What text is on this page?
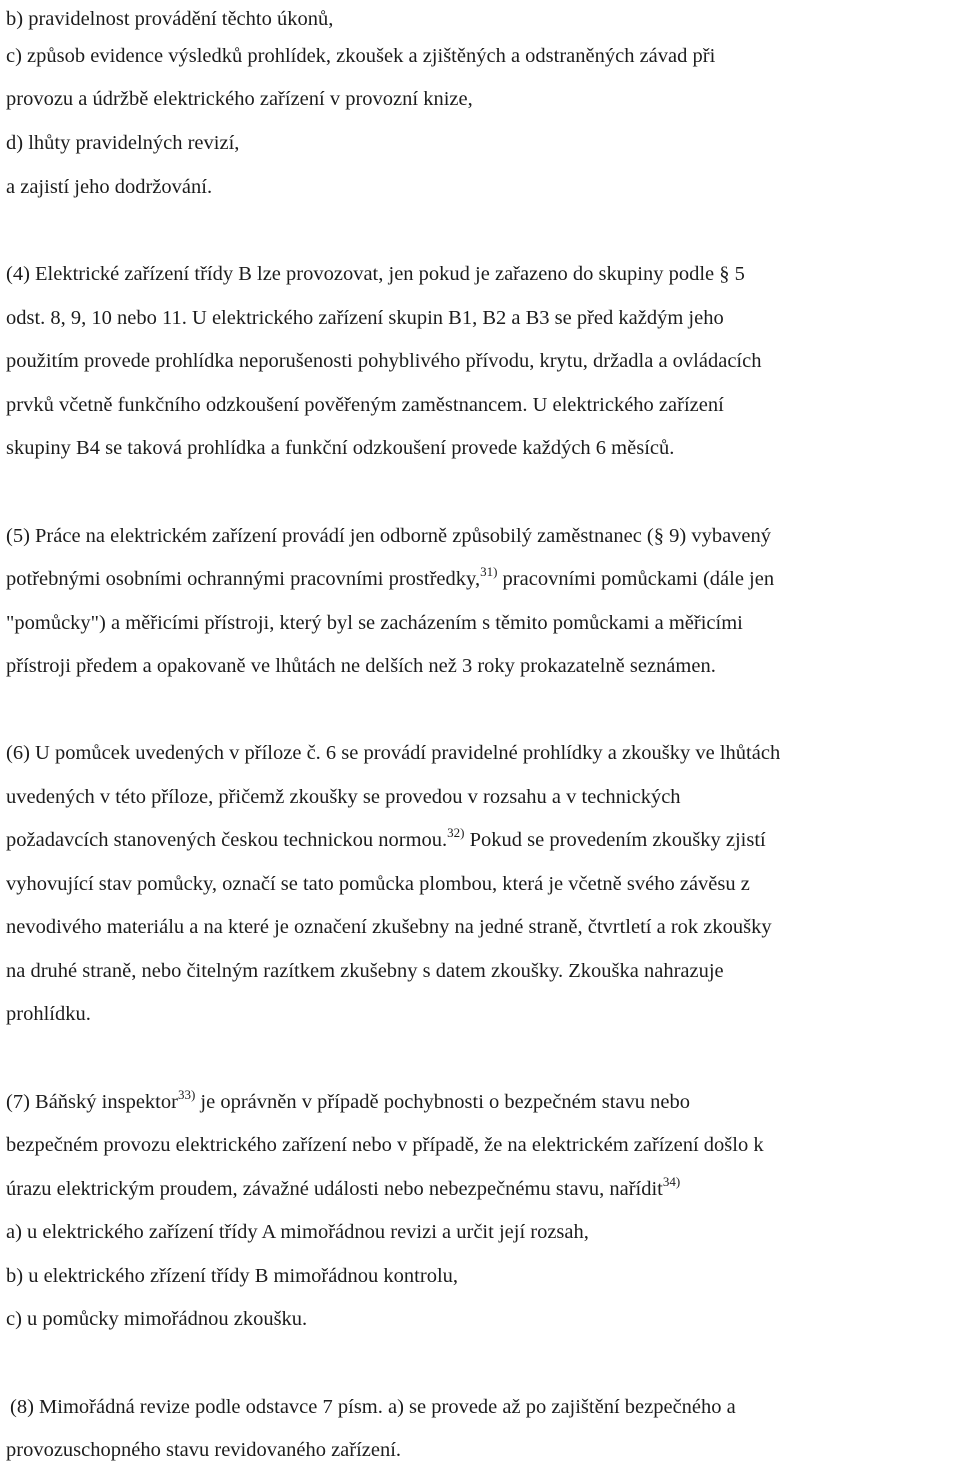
b) pravidelnost provádění těchto úkonů,
c) způsob evidence výsledků prohlídek, zkoušek a zjištěných a odstraněných závad při
provozu a údržbě elektrického zařízení v provozní knize,
d) lhůty pravidelných revizí,
a zajistí jeho dodržování.
(4) Elektrické zařízení třídy B lze provozovat, jen pokud je zařazeno do skupiny podle § 5
odst. 8, 9, 10 nebo 11. U elektrického zařízení skupin B1, B2 a B3 se před každým jeho
použitím provede prohlídka neporušenosti pohyblivého přívodu, krytu, držadla a ovládacích
prvků včetně funkčního odzkoušení pověřeným zaměstnancem. U elektrického zařízení
skupiny B4 se taková prohlídka a funkční odzkoušení provede každých 6 měsíců.
(5) Práce na elektrickém zařízení provádí jen odborně způsobilý zaměstnanec (§ 9) vybavený
potřebnými osobními ochrannými pracovními prostředky,$^{31)}$ pracovními pomůckami (dále jen
"pomůcky") a měřicími přístroji, který byl se zacházením s těmito pomůckami a měřicími
přístroji předem a opakovaně ve lhůtách ne delších než 3 roky prokazatelně seznámen.
(6) U pomůcek uvedených v příloze č. 6 se provádí pravidelné prohlídky a zkoušky ve lhůtách
uvedených v této příloze, přičemž zkoušky se provedou v rozsahu a v technických
požadavcích stanovených českou technickou normou.$^{32)}$ Pokud se provedením zkoušky zjistí
vyhovující stav pomůcky, označí se tato pomůcka plombou, která je včetně svého závěsu z
nevodivého materiálu a na které je označení zkušebny na jedné straně, čtvrtletí a rok zkoušky
na druhé straně, nebo čitelným razítkem zkušebny s datem zkoušky. Zkouška nahrazuje
prohlídku.
(7) Báňský inspektor$^{33)}$ je oprávněn v případě pochybnosti o bezpečném stavu nebo
bezpečném provozu elektrického zařízení nebo v případě, že na elektrickém zařízení došlo k
úrazu elektrickým proudem, závažné události nebo nebezpečnému stavu, nařídit$^{34)}$
a) u elektrického zařízení třídy A mimořádnou revizi a určit její rozsah,
b) u elektrického zřízení třídy B mimořádnou kontrolu,
c) u pomůcky mimořádnou zkoušku.
(8) Mimořádná revize podle odstavce 7 písm. a) se provede až po zajištění bezpečného a
provozuschopného stavu revidovaného zařízení.
